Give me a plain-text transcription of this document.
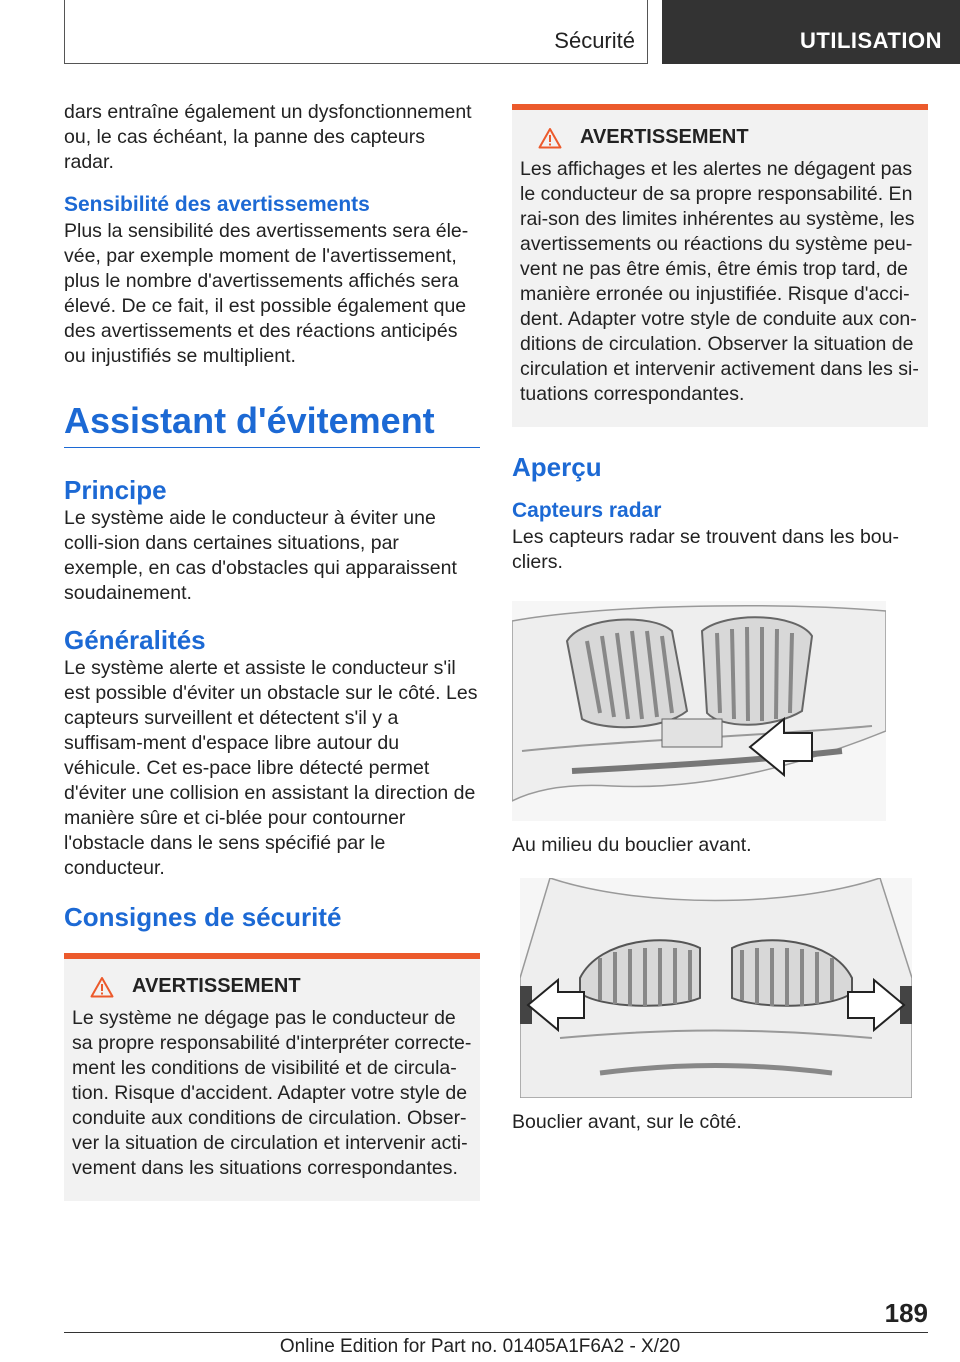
Sécurité	UTILISATION

dars entraîne également un dysfonctionnement ou, le cas échéant, la panne des capteurs radar.

Sensibilité des avertissements

Plus la sensibilité des avertissements sera éle-vée, par exemple moment de l'avertissement, plus le nombre d'avertissements affichés sera élevé. De ce fait, il est possible également que des avertissements et des réactions anticipés ou injustifiés se multiplient.

Assistant d'évitement
Principe

Le système aide le conducteur à éviter une colli-sion dans certaines situations, par exemple, en cas d'obstacles qui apparaissent soudainement.

Généralités

Le système alerte et assiste le conducteur s'il est possible d'éviter un obstacle sur le côté. Les capteurs surveillent et détectent s'il y a suffisam-ment d'espace libre autour du véhicule. Cet es-pace libre détecté permet d'éviter une collision en assistant la direction de manière sûre et ci-blée pour contourner l'obstacle dans le sens spécifié par le conducteur.

Consignes de sécurité
AVERTISSEMENT

Le système ne dégage pas le conducteur de sa propre responsabilité d'interpréter correcte-ment les conditions de visibilité et de circula-tion. Risque d'accident. Adapter votre style de conduite aux conditions de circulation. Obser-ver la situation de circulation et intervenir acti-vement dans les situations correspondantes.

AVERTISSEMENT

Les affichages et les alertes ne dégagent pas le conducteur de sa propre responsabilité. En rai-son des limites inhérentes au système, les avertissements ou réactions du système peu-vent ne pas être émis, être émis trop tard, de manière erronée ou injustifiée. Risque d'acci-dent. Adapter votre style de conduite aux con-ditions de circulation. Observer la situation de circulation et intervenir activement dans les si-tuations correspondantes.

Aperçu
Capteurs radar

Les capteurs radar se trouvent dans les bou-cliers.

Au milieu du bouclier avant.

Bouclier avant, sur le côté.

189
Online Edition for Part no. 01405A1F6A2 - X/20
